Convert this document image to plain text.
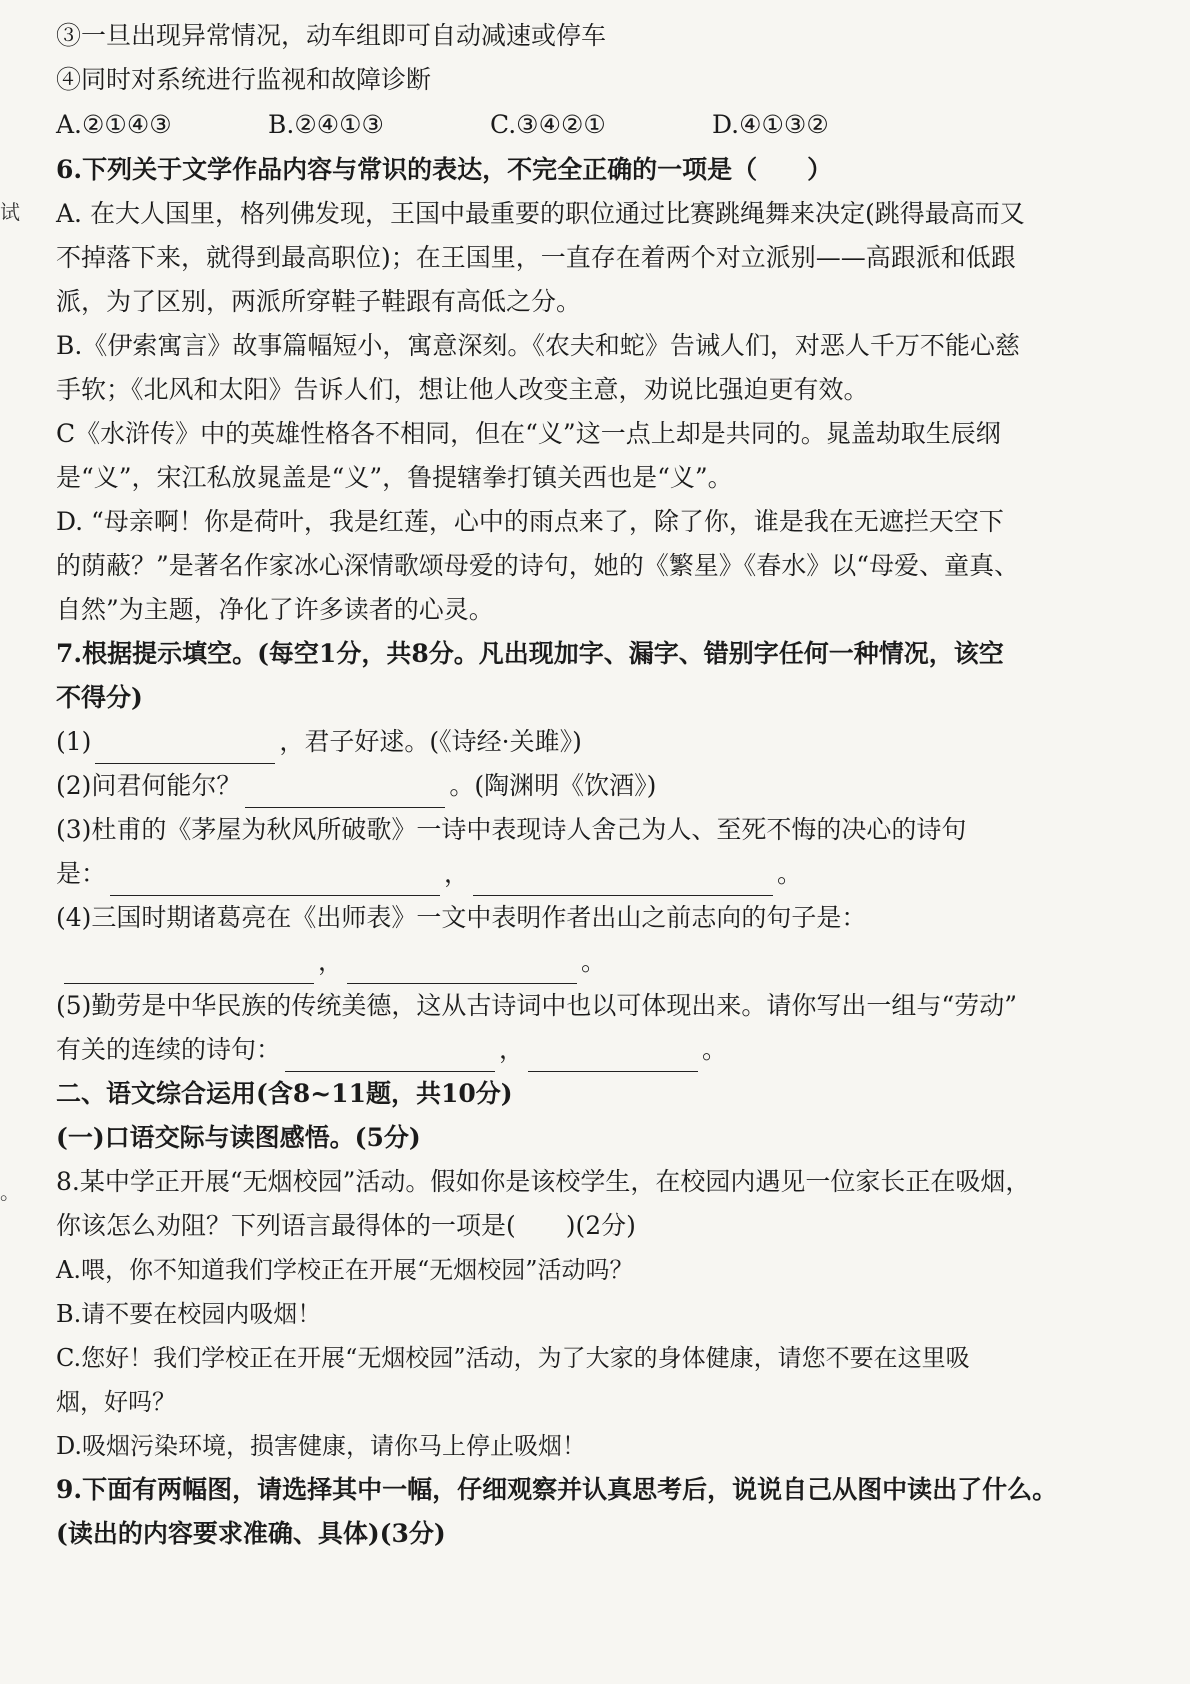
试
。
③一旦出现异常情况，动车组即可自动减速或停车
④同时对系统进行监视和故障诊断
A.②①④③	B.②④①③	C.③④②①	D.④①③②
6.下列关于文学作品内容与常识的表达，不完全正确的一项是（　　）
A. 在大人国里，格列佛发现，王国中最重要的职位通过比赛跳绳舞来决定(跳得最高而又
不掉落下来，就得到最高职位)；在王国里，一直存在着两个对立派别——高跟派和低跟
派，为了区别，两派所穿鞋子鞋跟有高低之分。
B.《伊索寓言》故事篇幅短小，寓意深刻。《农夫和蛇》告诫人们，对恶人千万不能心慈
手软；《北风和太阳》告诉人们，想让他人改变主意，劝说比强迫更有效。
C《水浒传》中的英雄性格各不相同，但在“义”这一点上却是共同的。晁盖劫取生辰纲
是“义”，宋江私放晁盖是“义”，鲁提辖拳打镇关西也是“义”。
D. “母亲啊！你是荷叶，我是红莲，心中的雨点来了，除了你，谁是我在无遮拦天空下
的荫蔽？”是著名作家冰心深情歌颂母爱的诗句，她的《繁星》《春水》以“母爱、童真、
自然”为主题，净化了许多读者的心灵。
7.根据提示填空。(每空1分，共8分。凡出现加字、漏字、错别字任何一种情况，该空
不得分)
(1)	，君子好逑。(《诗经·关雎》)
(2)问君何能尔？	。(陶渊明《饮酒》)
(3)杜甫的《茅屋为秋风所破歌》一诗中表现诗人舍己为人、至死不悔的决心的诗句
是：	，	。
(4)三国时期诸葛亮在《出师表》一文中表明作者出山之前志向的句子是：
，	。
(5)勤劳是中华民族的传统美德，这从古诗词中也以可体现出来。请你写出一组与“劳动”
有关的连续的诗句：	，	。
二、语文综合运用(含8~11题，共10分)
(一)口语交际与读图感悟。(5分)
8.某中学正开展“无烟校园”活动。假如你是该校学生，在校园内遇见一位家长正在吸烟，
你该怎么劝阻？下列语言最得体的一项是(　　)(2分)
A.喂，你不知道我们学校正在开展“无烟校园”活动吗？
B.请不要在校园内吸烟！
C.您好！我们学校正在开展“无烟校园”活动，为了大家的身体健康，请您不要在这里吸
烟，好吗？
D.吸烟污染环境，损害健康，请你马上停止吸烟！
9.下面有两幅图，请选择其中一幅，仔细观察并认真思考后，说说自己从图中读出了什么。
(读出的内容要求准确、具体)(3分)
